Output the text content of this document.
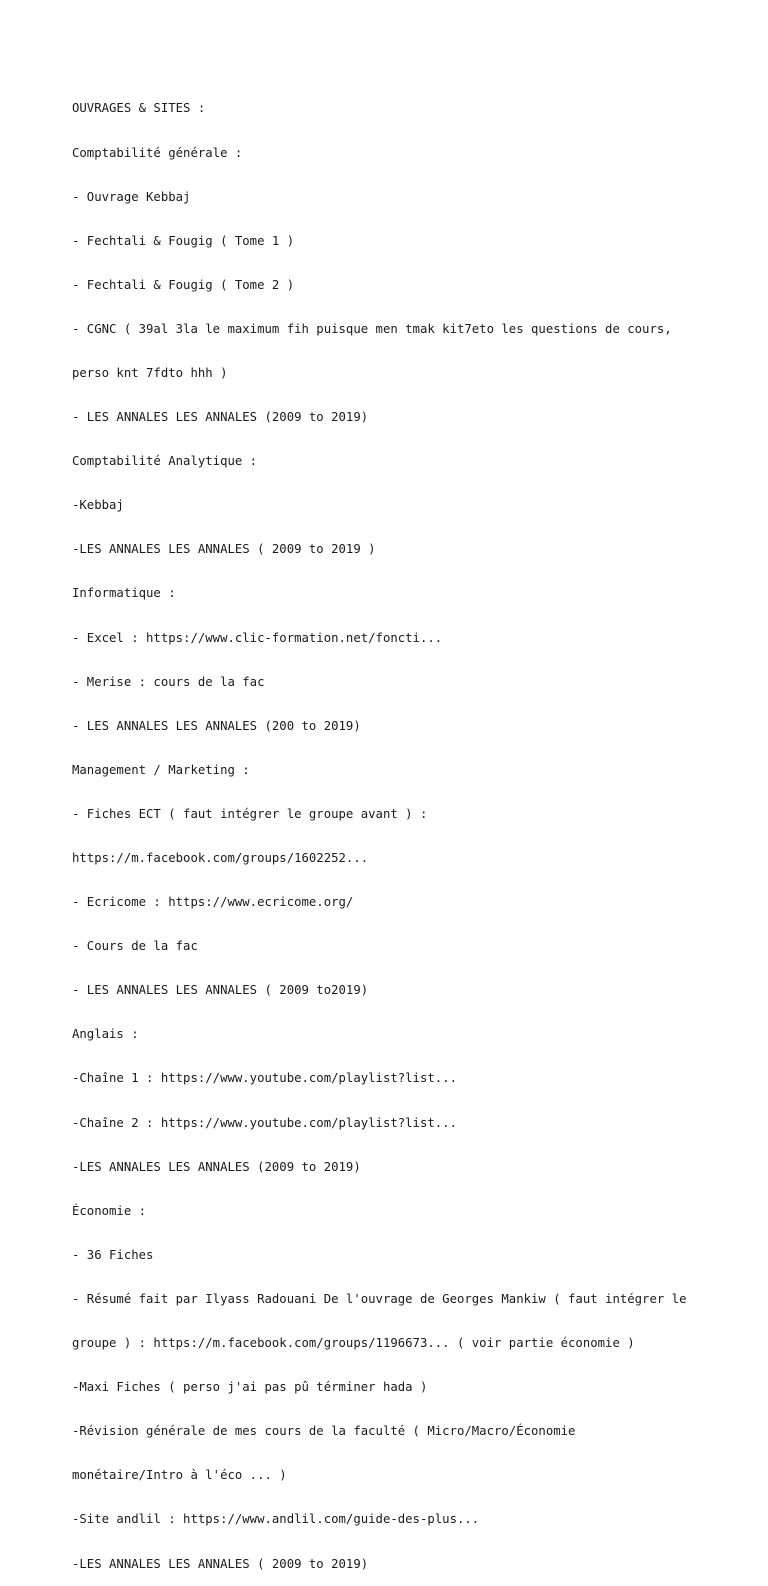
OUVRAGES & SITES :

Comptabilité générale :

- Ouvrage Kebbaj

- Fechtali & Fougig ( Tome 1 )

- Fechtali & Fougig ( Tome 2 )

- CGNC ( 39al 3la le maximum fih puisque men tmak kit7eto les questions de cours,

perso knt 7fdto hhh )

- LES ANNALES LES ANNALES (2009 to 2019)

Comptabilité Analytique :

-Kebbaj

-LES ANNALES LES ANNALES ( 2009 to 2019 )

Informatique :

- Excel : https://www.clic-formation.net/foncti...

- Merise : cours de la fac

- LES ANNALES LES ANNALES (200 to 2019)

Management / Marketing :

- Fiches ECT ( faut intégrer le groupe avant ) :

https://m.facebook.com/groups/1602252...

- Ecricome : https://www.ecricome.org/

- Cours de la fac

- LES ANNALES LES ANNALES ( 2009 to2019)

Anglais :

-Chaîne 1 : https://www.youtube.com/playlist?list...

-Chaîne 2 : https://www.youtube.com/playlist?list...

-LES ANNALES LES ANNALES (2009 to 2019)

Économie :

- 36 Fiches

- Résumé fait par Ilyass Radouani De l'ouvrage de Georges Mankiw ( faut intégrer le

groupe ) : https://m.facebook.com/groups/1196673... ( voir partie économie )

-Maxi Fiches ( perso j'ai pas pû términer hada )

-Révision générale de mes cours de la faculté ( Micro/Macro/Économie

monétaire/Intro à l'éco ... )

-Site andlil : https://www.andlil.com/guide-des-plus...

-LES ANNALES LES ANNALES ( 2009 to 2019)
